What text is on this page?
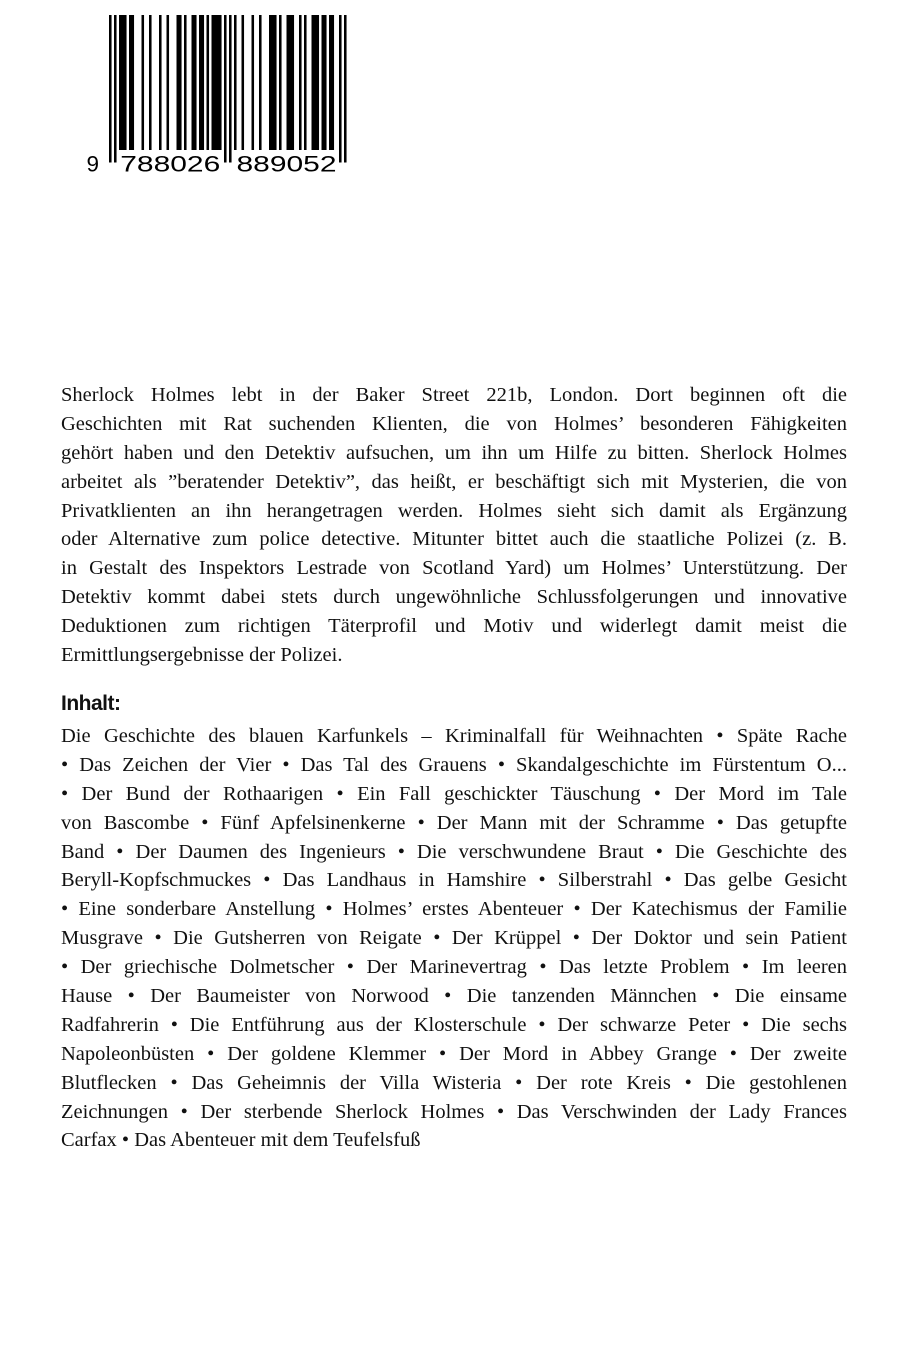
9 788026 889052
Sherlock Holmes lebt in der Baker Street 221b, London. Dort beginnen oft die
Geschichten mit Rat suchenden Klienten, die von Holmes’ besonderen Fähigkeiten
gehört haben und den Detektiv aufsuchen, um ihn um Hilfe zu bitten. Sherlock Holmes
arbeitet als ”beratender Detektiv”, das heißt, er beschäftigt sich mit Mysterien, die von
Privatklienten an ihn herangetragen werden. Holmes sieht sich damit als Ergänzung
oder Alternative zum police detective. Mitunter bittet auch die staatliche Polizei (z. B.
in Gestalt des Inspektors Lestrade von Scotland Yard) um Holmes’ Unterstützung. Der
Detektiv kommt dabei stets durch ungewöhnliche Schlussfolgerungen und innovative
Deduktionen zum richtigen Täterprofil und Motiv und widerlegt damit meist die
Ermittlungsergebnisse der Polizei.
Inhalt:
Die Geschichte des blauen Karfunkels – Kriminalfall für Weihnachten • Späte Rache
• Das Zeichen der Vier • Das Tal des Grauens • Skandalgeschichte im Fürstentum O...
• Der Bund der Rothaarigen • Ein Fall geschickter Täuschung • Der Mord im Tale
von Bascombe • Fünf Apfelsinenkerne • Der Mann mit der Schramme • Das getupfte
Band • Der Daumen des Ingenieurs • Die verschwundene Braut • Die Geschichte des
Beryll-Kopfschmuckes • Das Landhaus in Hamshire • Silberstrahl • Das gelbe Gesicht
• Eine sonderbare Anstellung • Holmes’ erstes Abenteuer • Der Katechismus der Familie
Musgrave • Die Gutsherren von Reigate • Der Krüppel • Der Doktor und sein Patient
• Der griechische Dolmetscher • Der Marinevertrag • Das letzte Problem • Im leeren
Hause • Der Baumeister von Norwood • Die tanzenden Männchen • Die einsame
Radfahrerin • Die Entführung aus der Klosterschule • Der schwarze Peter • Die sechs
Napoleonbüsten • Der goldene Klemmer • Der Mord in Abbey Grange • Der zweite
Blutflecken • Das Geheimnis der Villa Wisteria • Der rote Kreis • Die gestohlenen
Zeichnungen • Der sterbende Sherlock Holmes • Das Verschwinden der Lady Frances
Carfax • Das Abenteuer mit dem Teufelsfuß
